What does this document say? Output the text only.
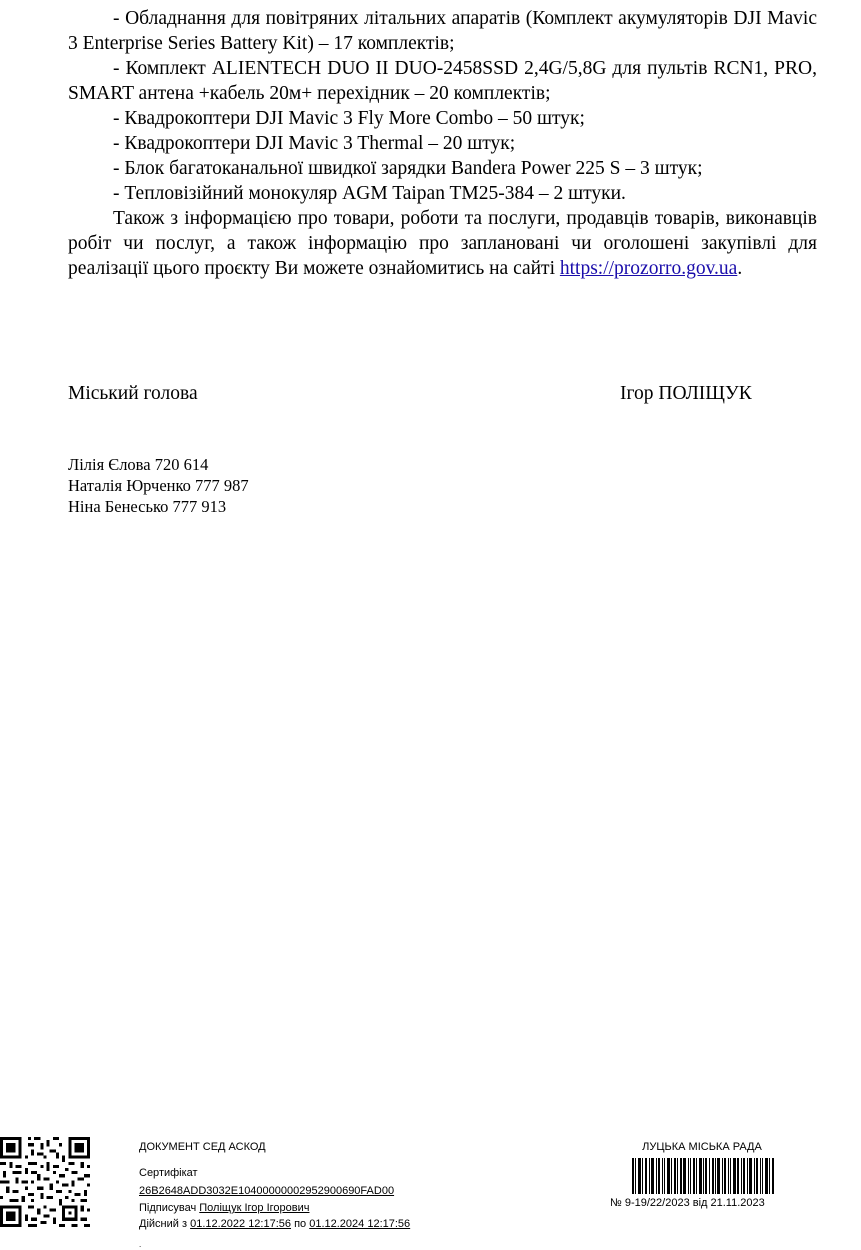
- Обладнання для повітряних літальних апаратів (Комплект акумуляторів DJI Mavic 3 Enterprise Series Battery Kit) – 17 комплектів;

- Комплект ALIENTECH DUO II DUO-2458SSD 2,4G/5,8G для пультів RCN1, PRO, SMART антена +кабель 20м+ перехідник – 20 комплектів;

- Квадрокоптери DJI Mavic 3 Fly More Combo – 50 штук;

- Квадрокоптери DJI Mavic 3 Thermal – 20 штук;

- Блок багатоканальної швидкої зарядки Bandera Power 225 S – 3 штук;

- Тепловізійний монокуляр AGM Taipan TM25-384 – 2 штуки.

Також з інформацією про товари, роботи та послуги, продавців товарів, виконавців робіт чи послуг, а також інформацію про заплановані чи оголошені закупівлі для реалізації цього проєкту Ви можете ознайомитись на сайті https://prozorro.gov.ua.

Міський голова	Ігор ПОЛІЩУК
Лілія Єлова 720 614
Наталія Юрченко 777 987
Ніна Бенесько 777 913
ДОКУМЕНТ СЕД АСКОД
Сертифікат
26B2648ADD3032E10400000002952900690FAD00
Підписувач Поліщук Ігор Ігорович
Дійсний з 01.12.2022 12:17:56 по 01.12.2024 12:17:56
ЛУЦЬКА МІСЬКА РАДА
№ 9-19/22/2023 від 21.11.2023
.
